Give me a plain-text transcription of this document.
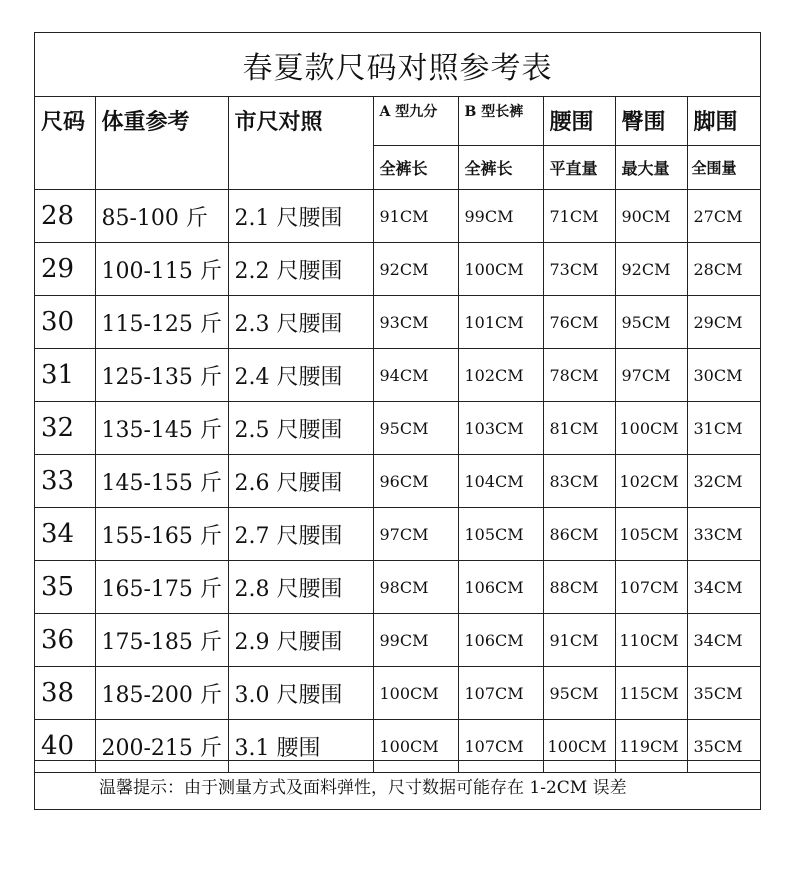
春夏款尺码对照参考表
尺码	体重参考	市尺对照	A 型九分	B 型长裤	腰围	臀围	脚围
			全裤长	全裤长	平直量	最大量	全围量
28	85-100 斤	2.1 尺腰围	91CM	99CM	71CM	90CM	27CM
29	100-115 斤	2.2 尺腰围	92CM	100CM	73CM	92CM	28CM
30	115-125 斤	2.3 尺腰围	93CM	101CM	76CM	95CM	29CM
31	125-135 斤	2.4 尺腰围	94CM	102CM	78CM	97CM	30CM
32	135-145 斤	2.5 尺腰围	95CM	103CM	81CM	100CM	31CM
33	145-155 斤	2.6 尺腰围	96CM	104CM	83CM	102CM	32CM
34	155-165 斤	2.7 尺腰围	97CM	105CM	86CM	105CM	33CM
35	165-175 斤	2.8 尺腰围	98CM	106CM	88CM	107CM	34CM
36	175-185 斤	2.9 尺腰围	99CM	106CM	91CM	110CM	34CM
38	185-200 斤	3.0 尺腰围	100CM	107CM	95CM	115CM	35CM
40	200-215 斤	3.1 腰围	100CM	107CM	100CM	119CM	35CM
温馨提示：由于测量方式及面料弹性，尺寸数据可能存在 1-2CM 误差
